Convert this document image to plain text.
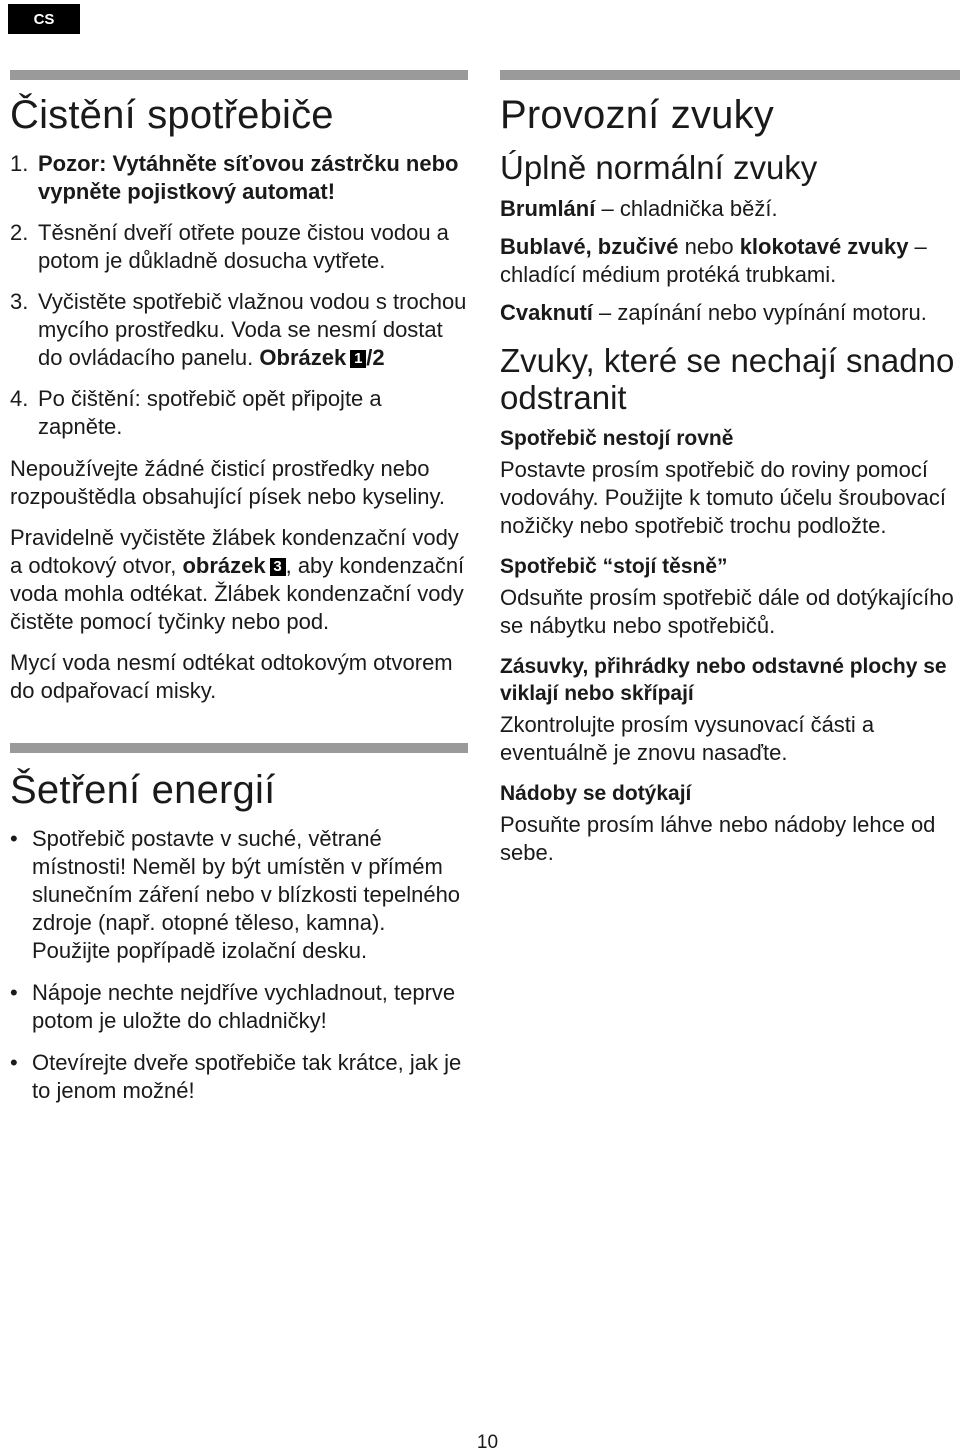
CS
Čistění spotřebiče
1. Pozor: Vytáhněte síťovou zástrčku nebo vypněte pojistkový automat!
2. Těsnění dveří otřete pouze čistou vodou a potom je důkladně dosucha vytřete.
3. Vyčistěte spotřebič vlažnou vodou s trochou mycího prostředku. Voda se nesmí dostat do ovládacího panelu. Obrázek 1 /2
4. Po čištění: spotřebič opět připojte a zapněte.

Nepoužívejte žádné čisticí prostředky nebo rozpouštědla obsahující písek nebo kyseliny.

Pravidelně vyčistěte žlábek kondenzační vody a odtokový otvor, obrázek 3 , aby kondenzační voda mohla odtékat. Žlábek kondenzační vody čistěte pomocí tyčinky nebo pod.

Mycí voda nesmí odtékat odtokovým otvorem do odpařovací misky.

Šetření energií
• Spotřebič postavte v suché, větrané místnosti! Neměl by být umístěn v přímém slunečním záření nebo v blízkosti tepelného zdroje (např. otopné těleso, kamna). Použijte popřípadě izolační desku.
• Nápoje nechte nejdříve vychladnout, teprve potom je uložte do chladničky!
• Otevírejte dveře spotřebiče tak krátce, jak je to jenom možné!
Provozní zvuky
Úplně normální zvuky

Brumlání – chladnička běží.

Bublavé, bzučivé nebo klokotavé zvuky – chladící médium protéká trubkami.

Cvaknutí – zapínání nebo vypínání motoru.

Zvuky, které se nechají snadno odstranit
Spotřebič nestojí rovně

Postavte prosím spotřebič do roviny pomocí vodováhy. Použijte k tomuto účelu šroubovací nožičky nebo spotřebič trochu podložte.

Spotřebič “stojí těsně”

Odsuňte prosím spotřebič dále od dotýkajícího se nábytku nebo spotřebičů.

Zásuvky, přihrádky nebo odstavné plochy se viklají nebo skřípají

Zkontrolujte prosím vysunovací části a eventuálně je znovu nasaďte.

Nádoby se dotýkají

Posuňte prosím láhve nebo nádoby lehce od sebe.

10
